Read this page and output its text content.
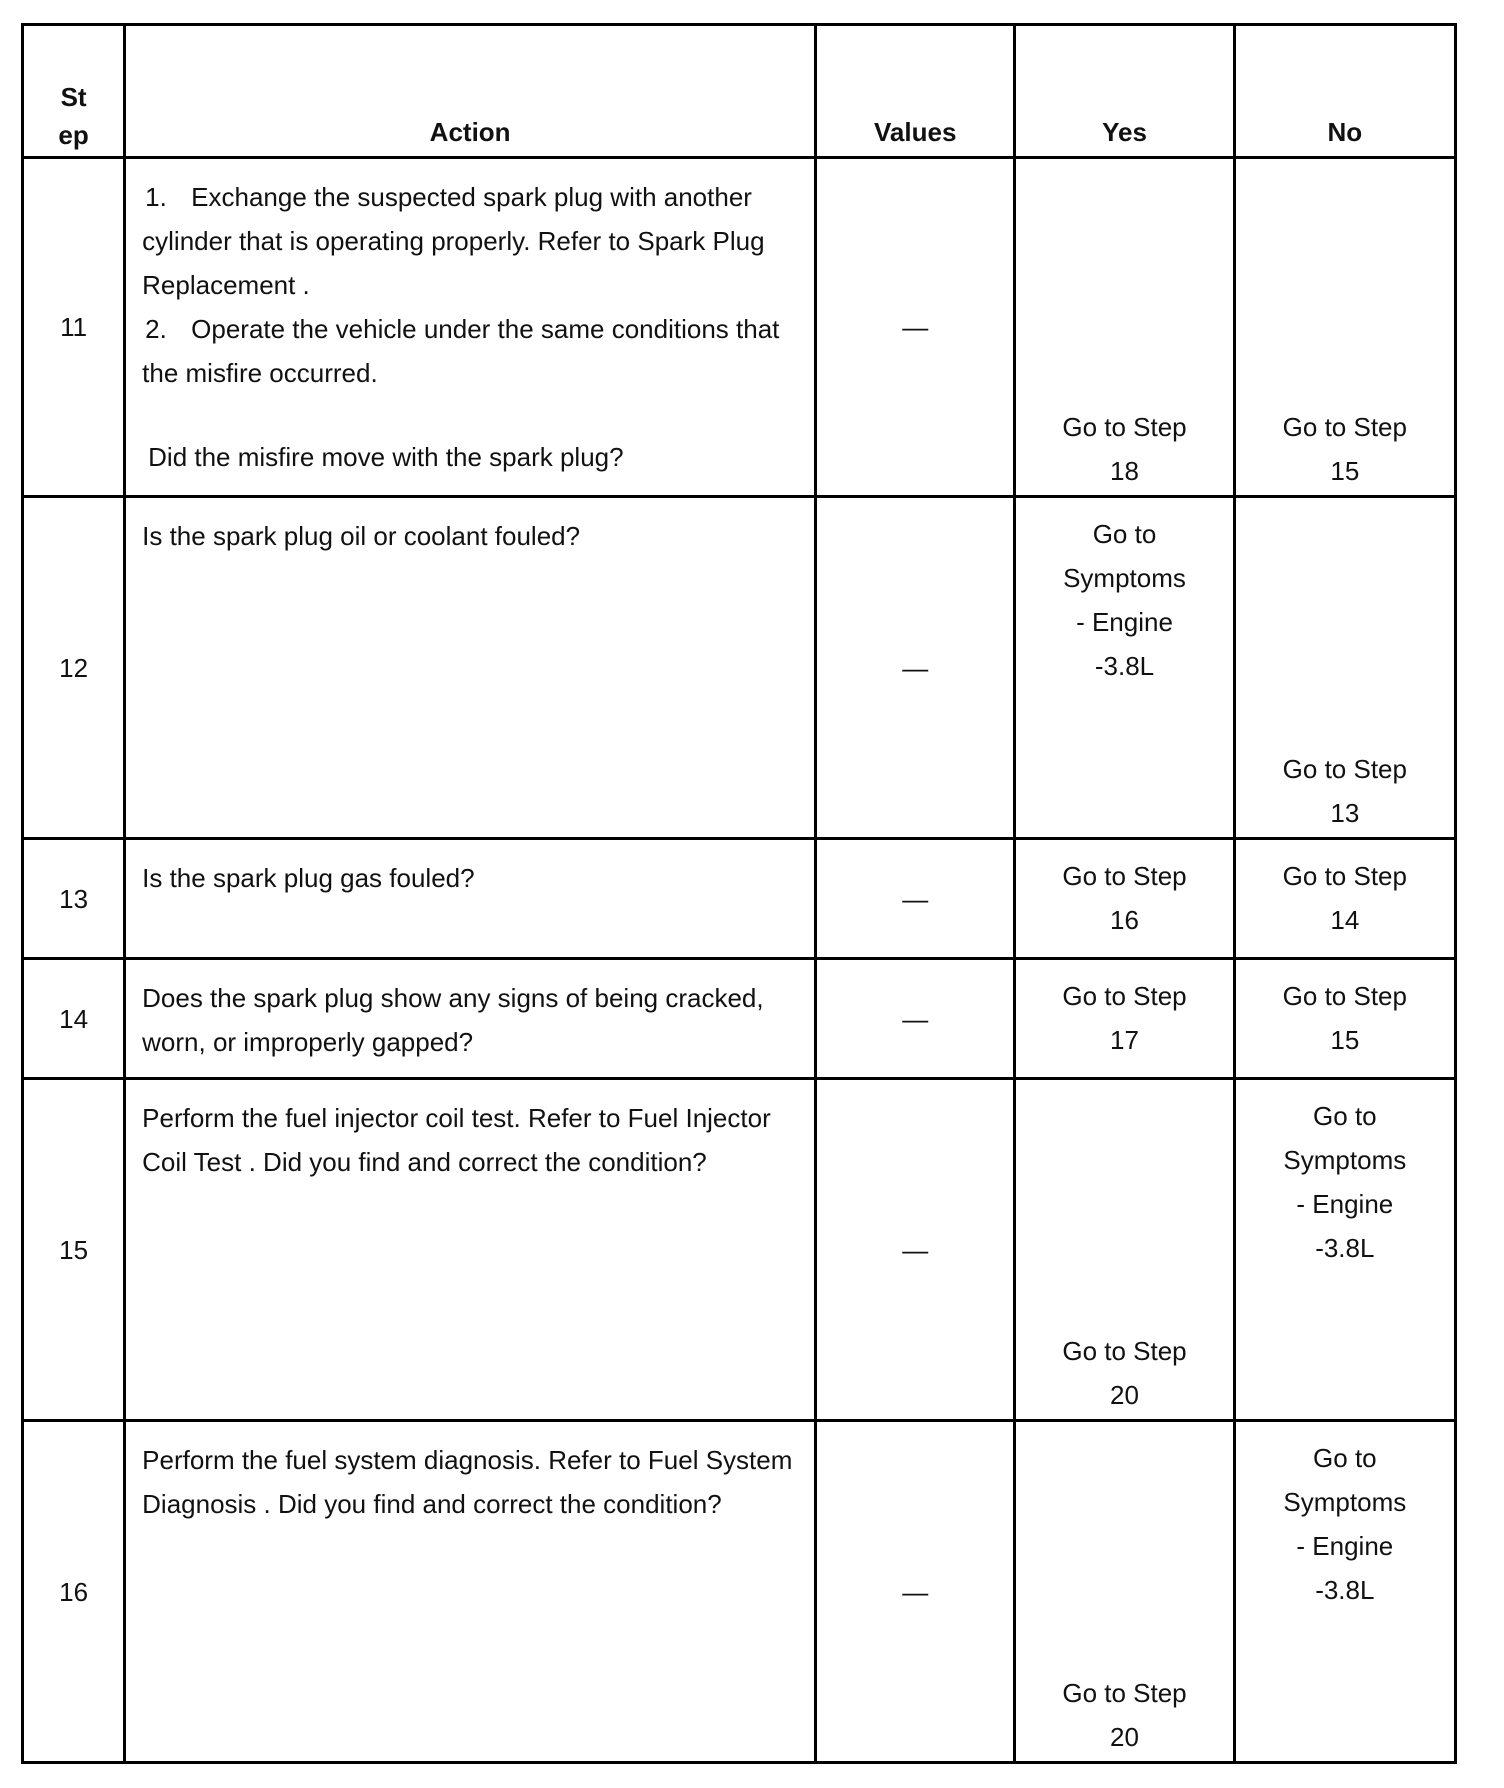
St
ep	Action	Values	Yes	No
11	1. Exchange the suspected spark plug with another cylinder that is operating properly. Refer to Spark Plug Replacement .
2. Operate the vehicle under the same conditions that the misfire occurred.
Did the misfire move with the spark plug?	—	Go to Step 18	Go to Step 15

12	Is the spark plug oil or coolant fouled?	—	Go to Symptoms - Engine -3.8L	Go to Step 13

13	Is the spark plug gas fouled?	—	Go to Step 16	Go to Step 14

14	Does the spark plug show any signs of being cracked, worn, or improperly gapped?	—	Go to Step 17	Go to Step 15

15	Perform the fuel injector coil test. Refer to Fuel Injector Coil Test . Did you find and correct the condition?	—	Go to Step 20	Go to Symptoms - Engine -3.8L

16	Perform the fuel system diagnosis. Refer to Fuel System Diagnosis . Did you find and correct the condition?	—	Go to Step 20	Go to Symptoms - Engine -3.8L
